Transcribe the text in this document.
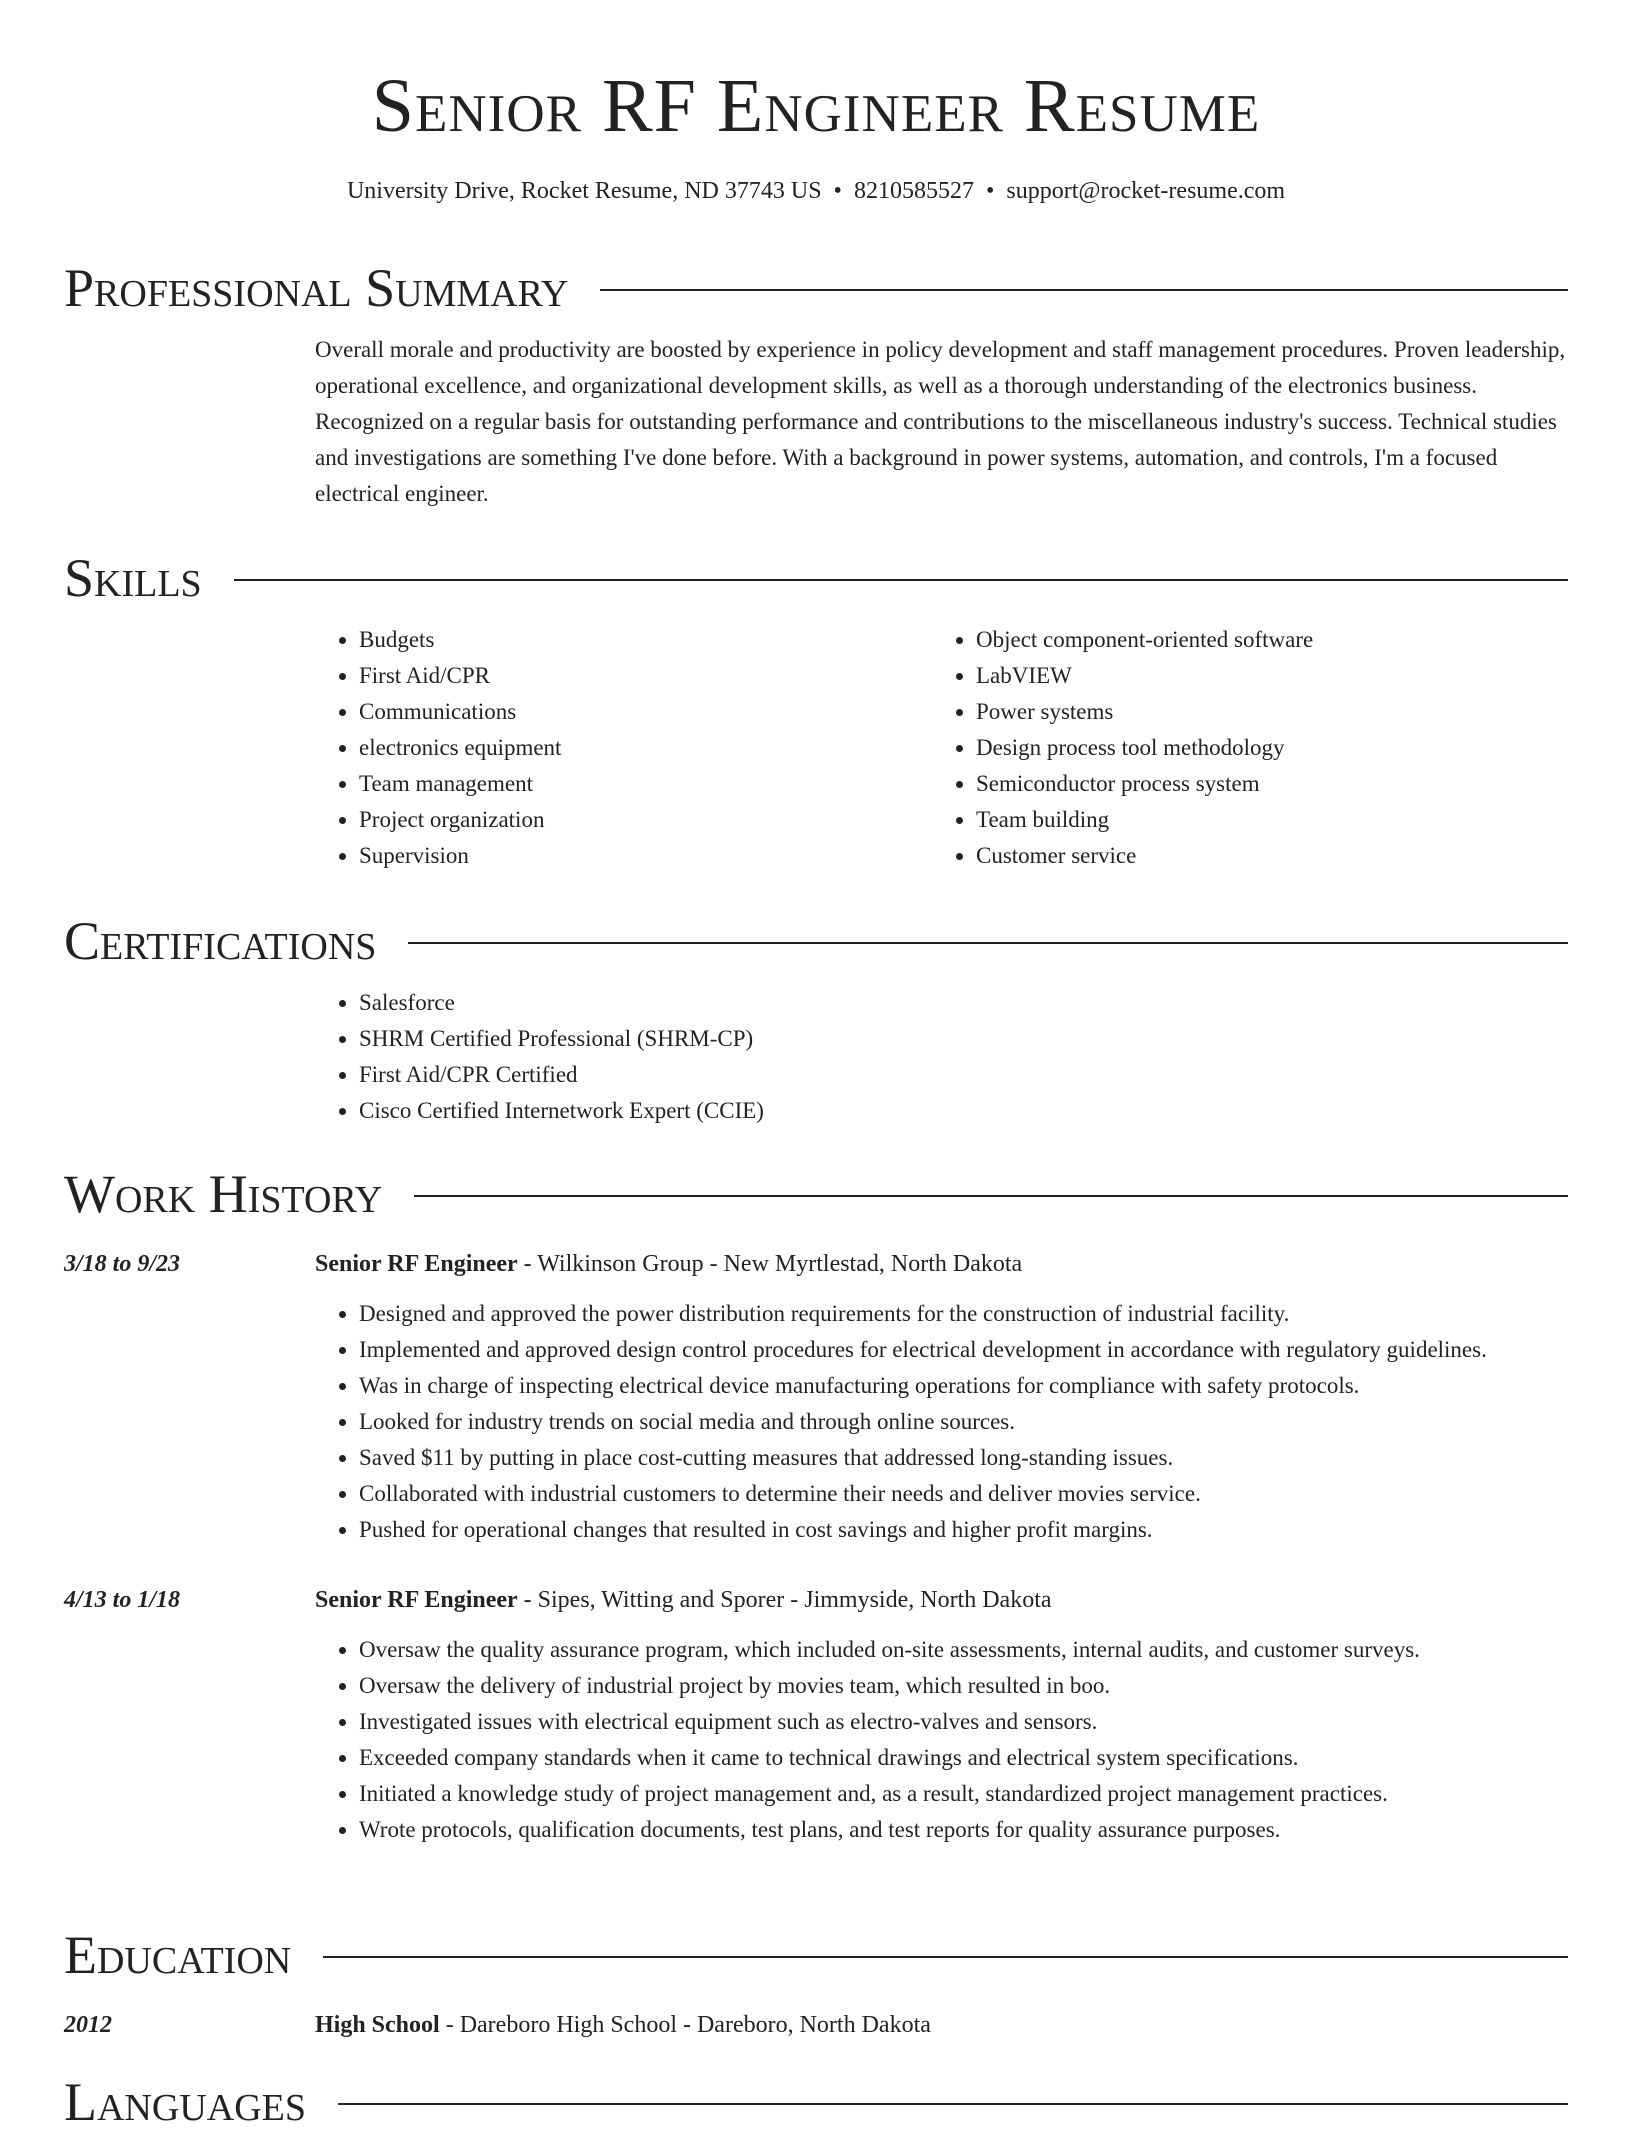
Senior RF Engineer Resume
University Drive, Rocket Resume, ND 37743 US • 8210585527 • support@rocket-resume.com
Professional Summary

Overall morale and productivity are boosted by experience in policy development and staff management procedures. Proven leadership, operational excellence, and organizational development skills, as well as a thorough understanding of the electronics business. Recognized on a regular basis for outstanding performance and contributions to the miscellaneous industry's success. Technical studies and investigations are something I've done before. With a background in power systems, automation, and controls, I'm a focused electrical engineer.

Skills
• Budgets
• First Aid/CPR
• Communications
• electronics equipment
• Team management
• Project organization
• Supervision
• Object component-oriented software
• LabVIEW
• Power systems
• Design process tool methodology
• Semiconductor process system
• Team building
• Customer service
Certifications
• Salesforce
• SHRM Certified Professional (SHRM-CP)
• First Aid/CPR Certified
• Cisco Certified Internetwork Expert (CCIE)
Work History
3/18 to 9/23	Senior RF Engineer - Wilkinson Group - New Myrtlestad, North Dakota
• Designed and approved the power distribution requirements for the construction of industrial facility.
• Implemented and approved design control procedures for electrical development in accordance with regulatory guidelines.
• Was in charge of inspecting electrical device manufacturing operations for compliance with safety protocols.
• Looked for industry trends on social media and through online sources.
• Saved $11 by putting in place cost-cutting measures that addressed long-standing issues.
• Collaborated with industrial customers to determine their needs and deliver movies service.
• Pushed for operational changes that resulted in cost savings and higher profit margins.
4/13 to 1/18	Senior RF Engineer - Sipes, Witting and Sporer - Jimmyside, North Dakota
• Oversaw the quality assurance program, which included on-site assessments, internal audits, and customer surveys.
• Oversaw the delivery of industrial project by movies team, which resulted in boo.
• Investigated issues with electrical equipment such as electro-valves and sensors.
• Exceeded company standards when it came to technical drawings and electrical system specifications.
• Initiated a knowledge study of project management and, as a result, standardized project management practices.
• Wrote protocols, qualification documents, test plans, and test reports for quality assurance purposes.
Education
2012	High School - Dareboro High School - Dareboro, North Dakota
Languages
